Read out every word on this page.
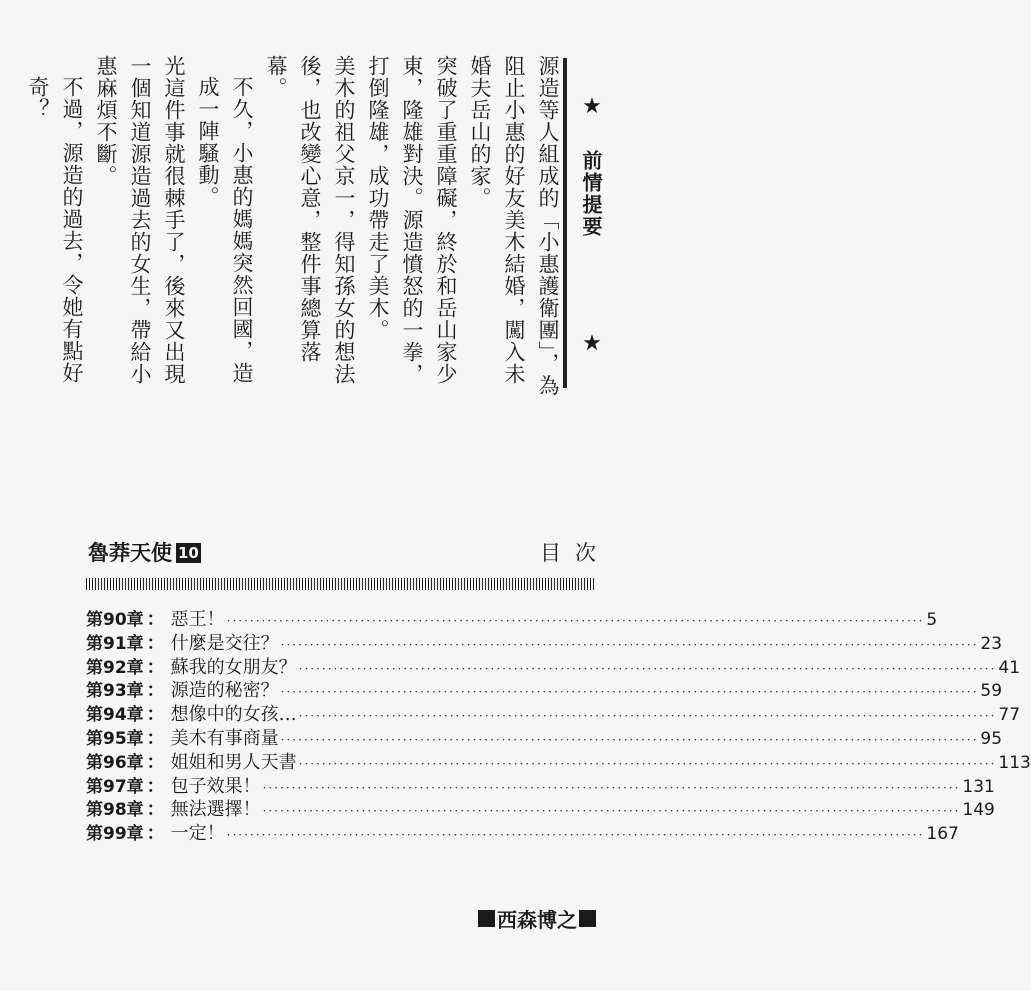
源造等人組成的「小惠護衛團」，為阻止小惠的好友美木結婚，闖入未婚夫岳山的家。

突破了重重障礙，終於和岳山家少東，隆雄對決。源造憤怒的一拳，打倒隆雄，成功帶走了美木。

美木的祖父京一，得知孫女的想法後，也改變心意，整件事總算落幕。

不久，小惠的媽媽突然回國，造成一陣騷動。

光這件事就很棘手了，後來又出現一個知道源造過去的女生，帶給小惠麻煩不斷。

不過，源造的過去，令她有點好奇？	★
前情提要
★
魯莽天使 10	目次
第90章 ： 惡王！ ························································································································ 5
第91章 ： 什麼是交往？ ························································································································ 23
第92章 ： 蘇我的女朋友？ ························································································································ 41
第93章 ： 源造的秘密？ ························································································································ 59
第94章 ： 想像中的女孩… ························································································································ 77
第95章 ： 美木有事商量 ························································································································ 95
第96章 ： 姐姐和男人天書 ························································································································ 113
第97章 ： 包子效果！ ························································································································ 131
第98章 ： 無法選擇！ ························································································································ 149
第99章 ： 一定！ ························································································································ 167
西森博之
